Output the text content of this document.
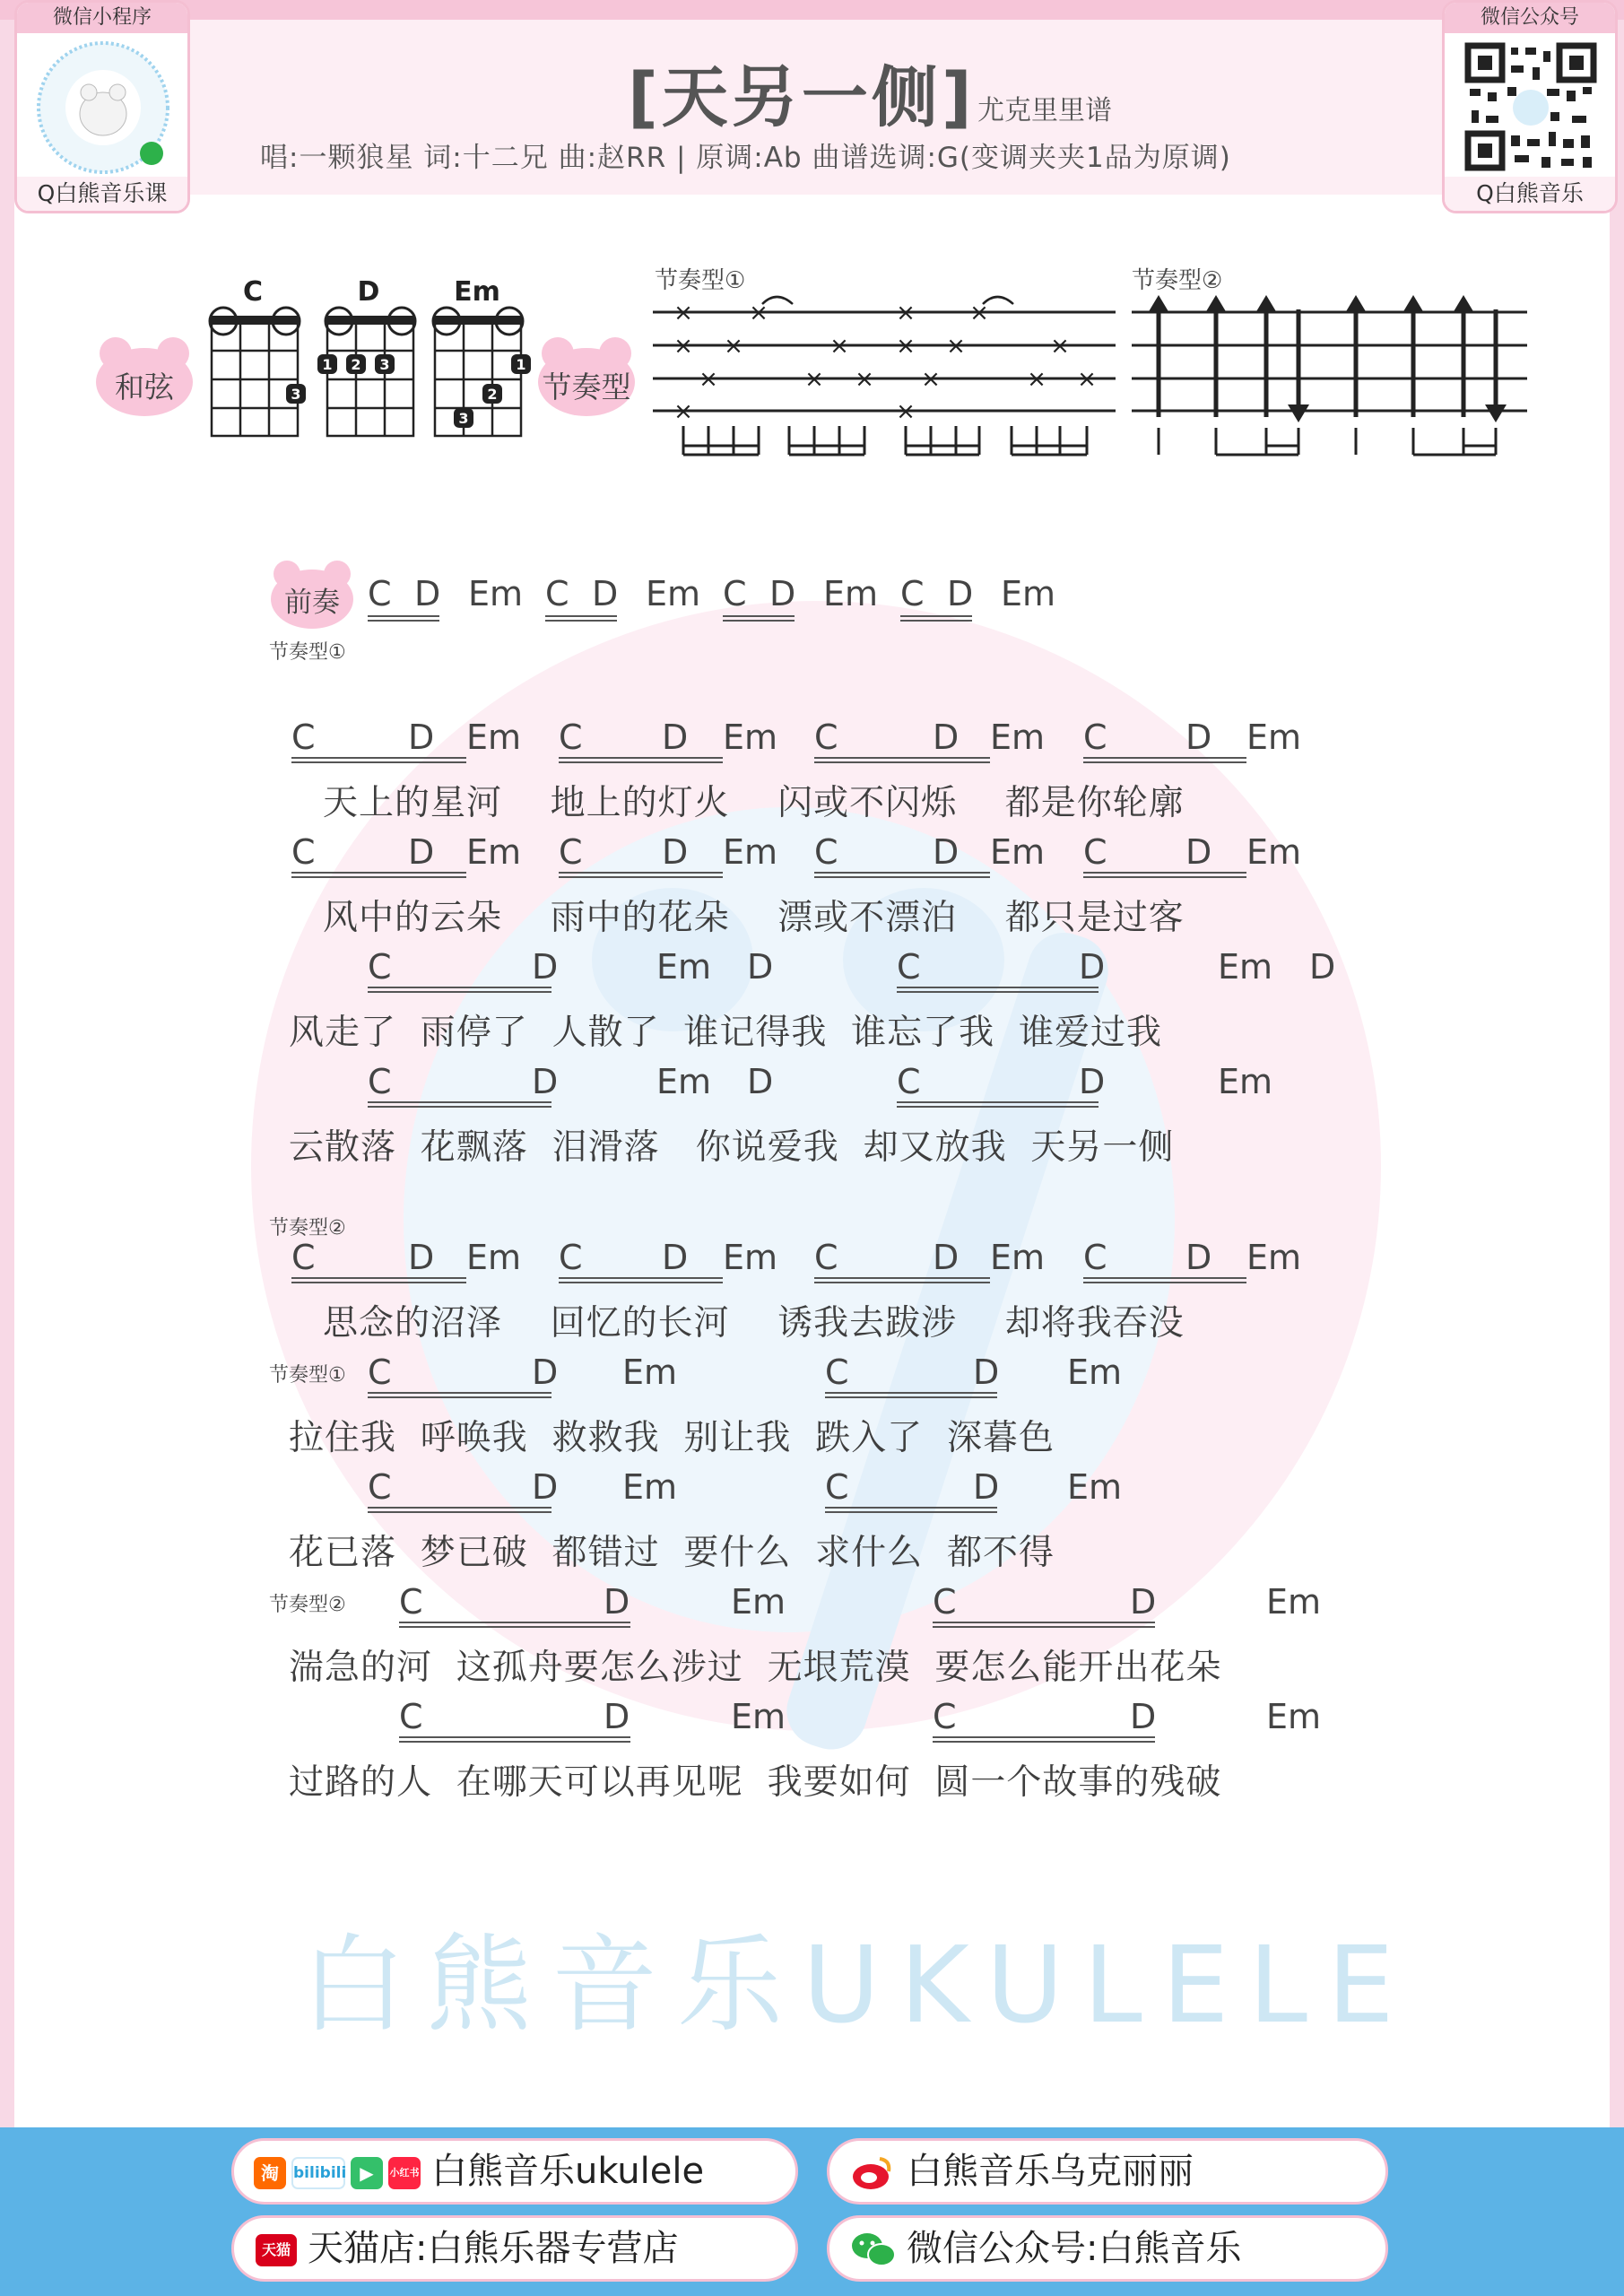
微信小程序
Q白熊音乐课
微信公众号
Q白熊音乐
[天另一侧] 尤克里里谱
唱:一颗狼星 词:十二兄 曲:赵RR | 原调:Ab 曲谱选调:G(变调夹夹1品为原调)
和弦
C	D	Em
3
1 2 3	1
2
3
节奏型
节奏型①
× ×	× ×
× ×	× × ×	×
×	× × ×	× ×
×	×
节奏型②
前奏 C D Em C D Em C D Em C D Em
节奏型①
C	D Em C D Em C	D Em C D Em
天上的星河    地上的灯火    闪或不闪烁    都是你轮廓
C	D Em C D Em C	D Em C D Em
风中的云朵    雨中的花朵    漂或不漂泊    都只是过客
C	D	Em D	C	D	Em D
风走了  雨停了  人散了  谁记得我  谁忘了我  谁爱过我
C	D	Em D	C	D	Em
云散落  花飘落  泪滑落   你说爱我  却又放我  天另一侧
节奏型②
C	D Em C D Em C	D Em C D Em
思念的沼泽    回忆的长河    诱我去跋涉    却将我吞没
节奏型① C	D Em	C	D Em
拉住我  呼唤我  救救我  别让我  跌入了  深暮色
C	D Em	C	D Em
花已落  梦已破  都错过  要什么  求什么  都不得
节奏型② C	D	Em	C	D	Em
湍急的河  这孤舟要怎么涉过  无垠荒漠  要怎么能开出花朵
C	D	Em	C	D	Em
过路的人  在哪天可以再见呢  我要如何  圆一个故事的残破
白熊音乐UKULELE
淘 bilibili ▶	小红书 白熊音乐ukulele	白熊音乐乌克丽丽
天猫 天猫店:白熊乐器专营店	微信公众号:白熊音乐
